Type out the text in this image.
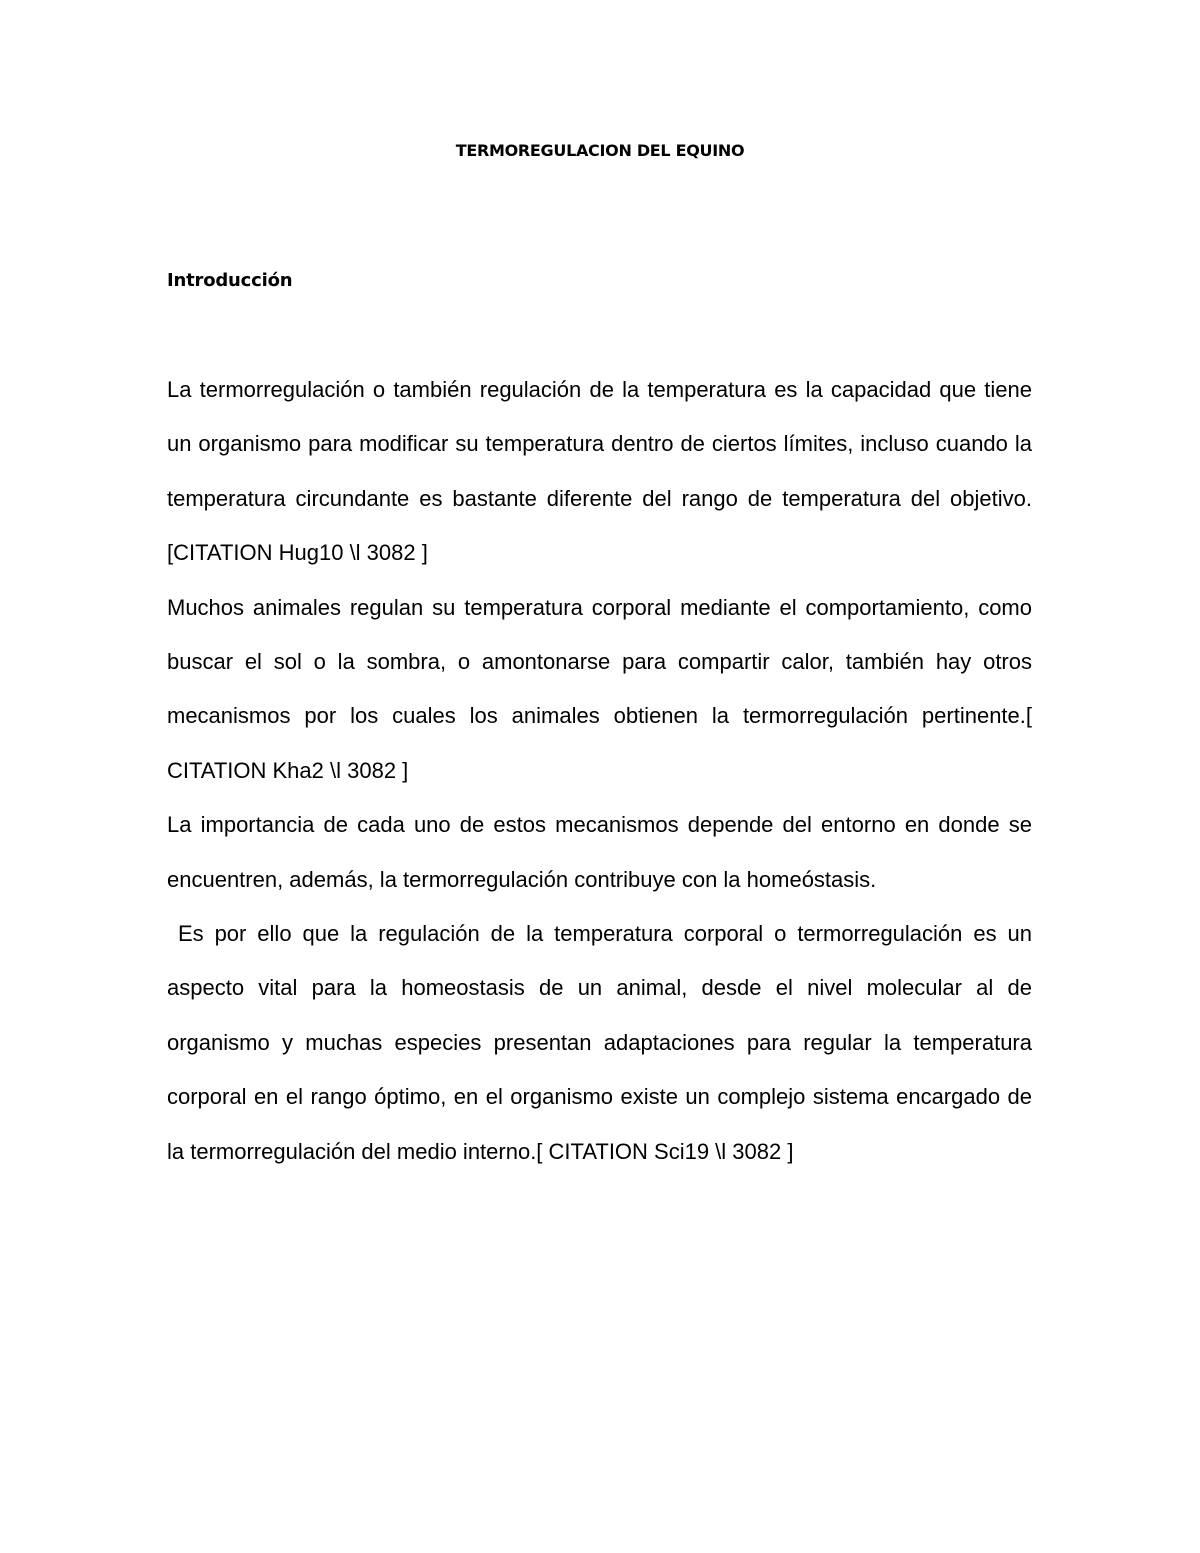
TERMOREGULACION DEL EQUINO
Introducción

La termorregulación o también regulación de la temperatura es la capacidad que tiene un organismo para modificar su temperatura dentro de ciertos límites, incluso cuando la temperatura circundante es bastante diferente del rango de temperatura del objetivo. [CITATION Hug10 \l 3082 ]

Muchos animales regulan su temperatura corporal mediante el comportamiento, como buscar el sol o la sombra, o amontonarse para compartir calor, también hay otros mecanismos por los cuales los animales obtienen la termorregulación pertinente.[ CITATION Kha2 \l 3082 ]

La importancia de cada uno de estos mecanismos depende del entorno en donde se encuentren, además, la termorregulación contribuye con la homeóstasis.

Es por ello que la regulación de la temperatura corporal o termorregulación es un aspecto vital para la homeostasis de un animal, desde el nivel molecular al de organismo y muchas especies presentan adaptaciones para regular la temperatura corporal en el rango óptimo, en el organismo existe un complejo sistema encargado de la termorregulación del medio interno.[ CITATION Sci19 \l 3082 ]
